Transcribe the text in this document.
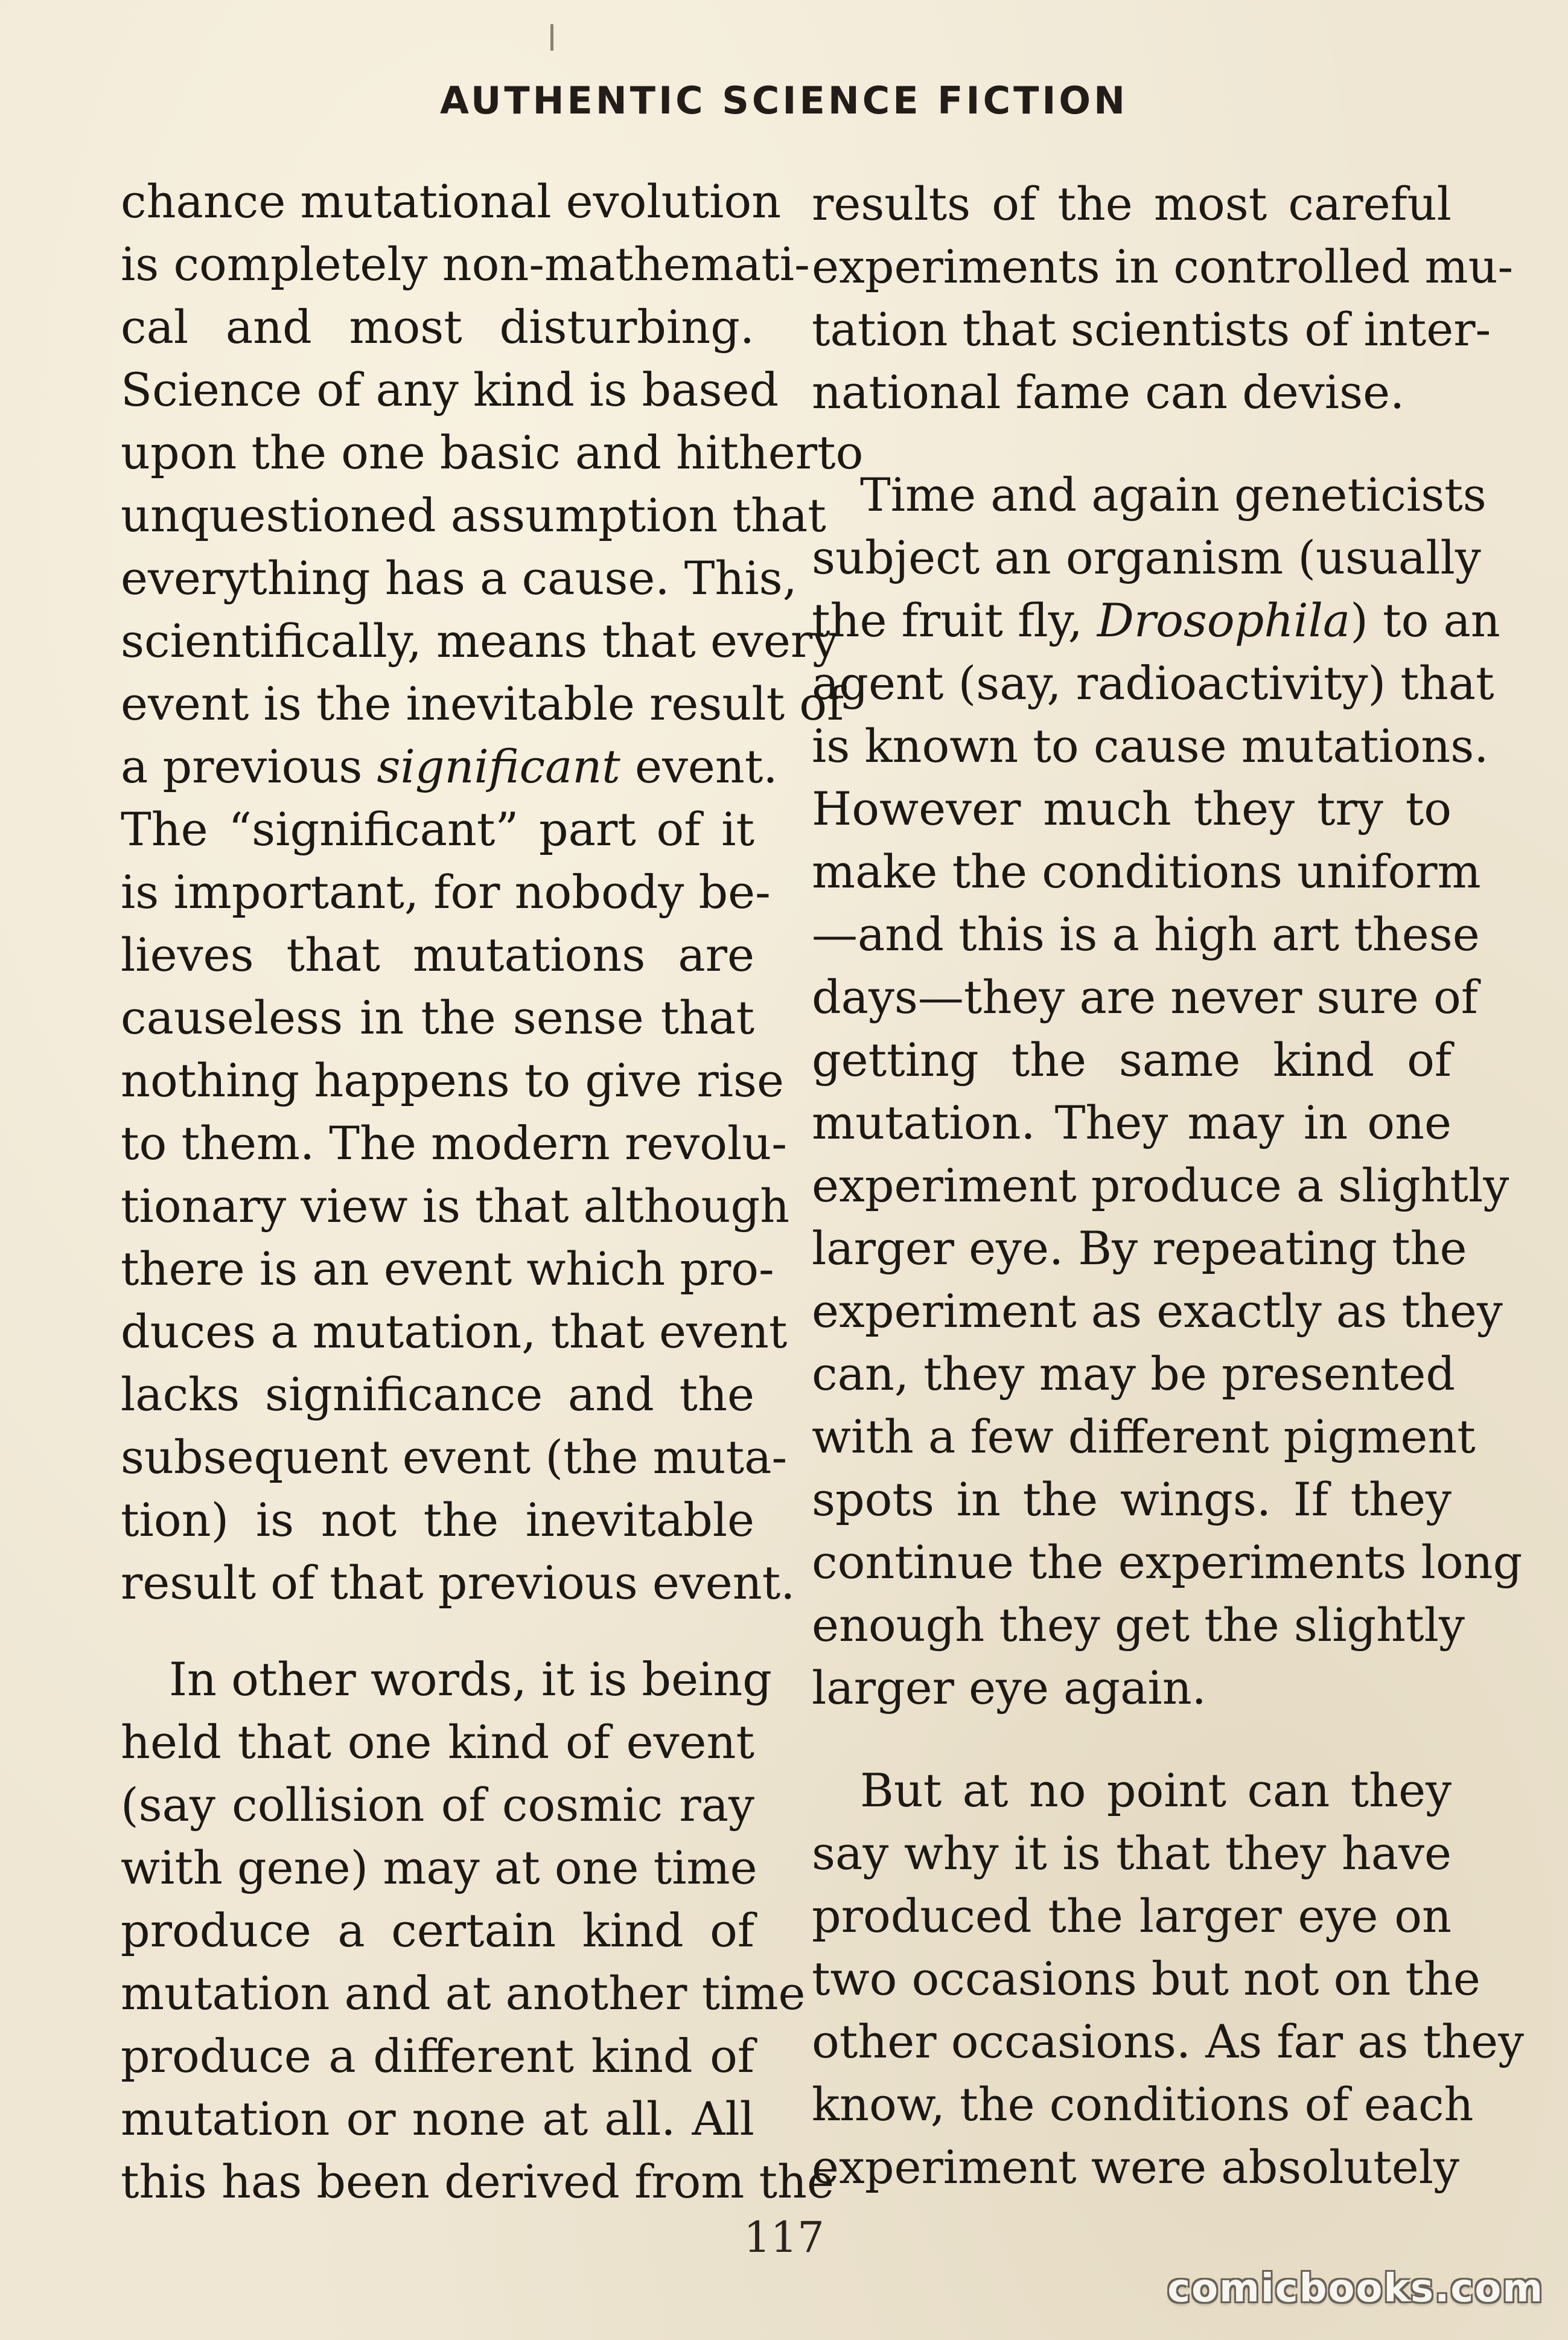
AUTHENTIC SCIENCE FICTION
chance mutational evolution
is completely non-mathemati-
cal and most disturbing.
Science of any kind is based
upon the one basic and hitherto
unquestioned assumption that
everything has a cause. This,
scientifically, means that every
event is the inevitable result of
a previous significant event.
The “significant” part of it
is important, for nobody be-
lieves that mutations are
causeless in the sense that
nothing happens to give rise
to them. The modern revolu-
tionary view is that although
there is an event which pro-
duces a mutation, that event
lacks significance and the
subsequent event (the muta-
tion) is not the inevitable
result of that previous event.
In other words, it is being
held that one kind of event
(say collision of cosmic ray
with gene) may at one time
produce a certain kind of
mutation and at another time
produce a different kind of
mutation or none at all. All
this has been derived from the
results of the most careful
experiments in controlled mu-
tation that scientists of inter-
national fame can devise.
Time and again geneticists
subject an organism (usually
the fruit fly, Drosophila) to an
agent (say, radioactivity) that
is known to cause mutations.
However much they try to
make the conditions uniform
—and this is a high art these
days—they are never sure of
getting the same kind of
mutation. They may in one
experiment produce a slightly
larger eye. By repeating the
experiment as exactly as they
can, they may be presented
with a few different pigment
spots in the wings. If they
continue the experiments long
enough they get the slightly
larger eye again.
But at no point can they
say why it is that they have
produced the larger eye on
two occasions but not on the
other occasions. As far as they
know, the conditions of each
experiment were absolutely
117
comicbooks.com
